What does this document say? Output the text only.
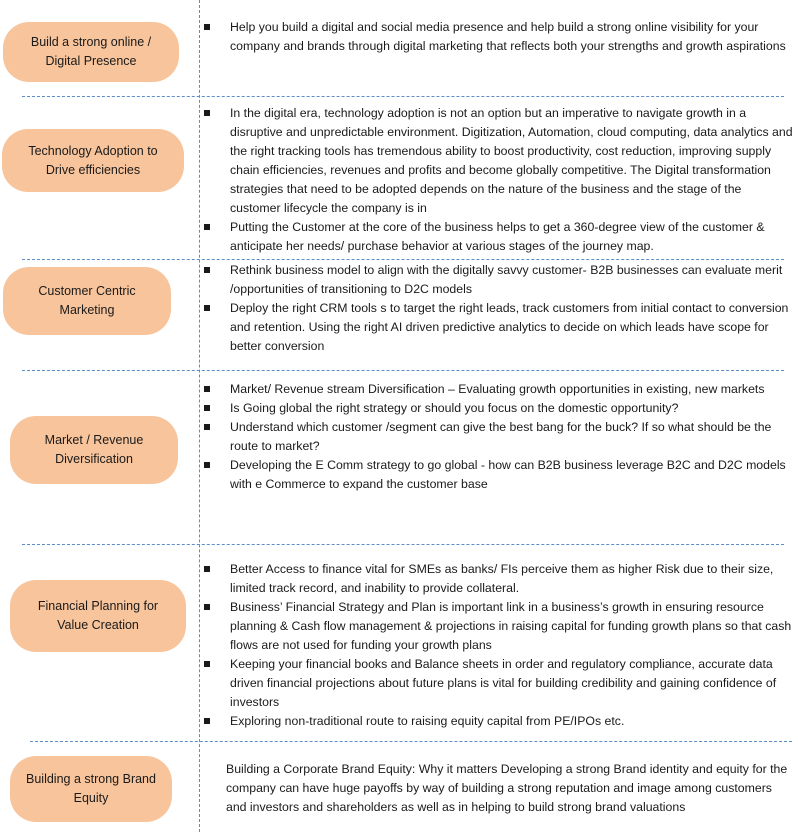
Build a strong online / Digital Presence
Help you build a digital and social media presence and help build a strong online visibility for your company and brands through digital marketing that reflects both your strengths and growth aspirations
Technology Adoption to Drive efficiencies
In the digital era, technology adoption is not an option but an imperative to navigate growth in a disruptive and unpredictable environment. Digitization, Automation, cloud computing, data analytics and the right tracking tools has tremendous ability to boost productivity, cost reduction, improving supply chain efficiencies, revenues and profits and become globally competitive. The Digital transformation strategies that need to be adopted depends on the nature of the business and the stage of the customer lifecycle the company is in
Putting the Customer at the core of the business helps to get a 360-degree view of the customer & anticipate her needs/ purchase behavior at various stages of the journey map.
Customer Centric Marketing
Rethink business model to align with the digitally savvy customer- B2B businesses can evaluate merit /opportunities of transitioning to D2C models
Deploy the right CRM tools s to target the right leads, track customers from initial contact to conversion and retention. Using the right AI driven predictive analytics to decide on which leads have scope for better conversion
Market / Revenue Diversification
Market/ Revenue stream Diversification – Evaluating growth opportunities in existing, new markets
Is Going global the right strategy or should you focus on the domestic opportunity?
Understand which customer /segment can give the best bang for the buck? If so what should be the route to market?
Developing the E Comm strategy to go global - how can B2B business leverage B2C and D2C models with e Commerce to expand the customer base
Financial Planning for Value Creation
Better Access to finance vital for SMEs as banks/ FIs perceive them as higher Risk due to their size, limited track record, and inability to provide collateral.
Business’ Financial Strategy and Plan is important link in a business’s growth in ensuring resource planning & Cash flow management & projections in raising capital for funding growth plans so that cash flows are not used for funding your growth plans
Keeping your financial books and Balance sheets in order and regulatory compliance, accurate data driven financial projections about future plans is vital for building credibility and gaining confidence of investors
Exploring non-traditional route to raising equity capital from PE/IPOs etc.
Building a strong Brand Equity

Building a Corporate Brand Equity: Why it matters Developing a strong Brand identity and equity for the company can have huge payoffs by way of building a strong reputation and image among customers and investors and shareholders as well as in helping to build strong brand valuations
